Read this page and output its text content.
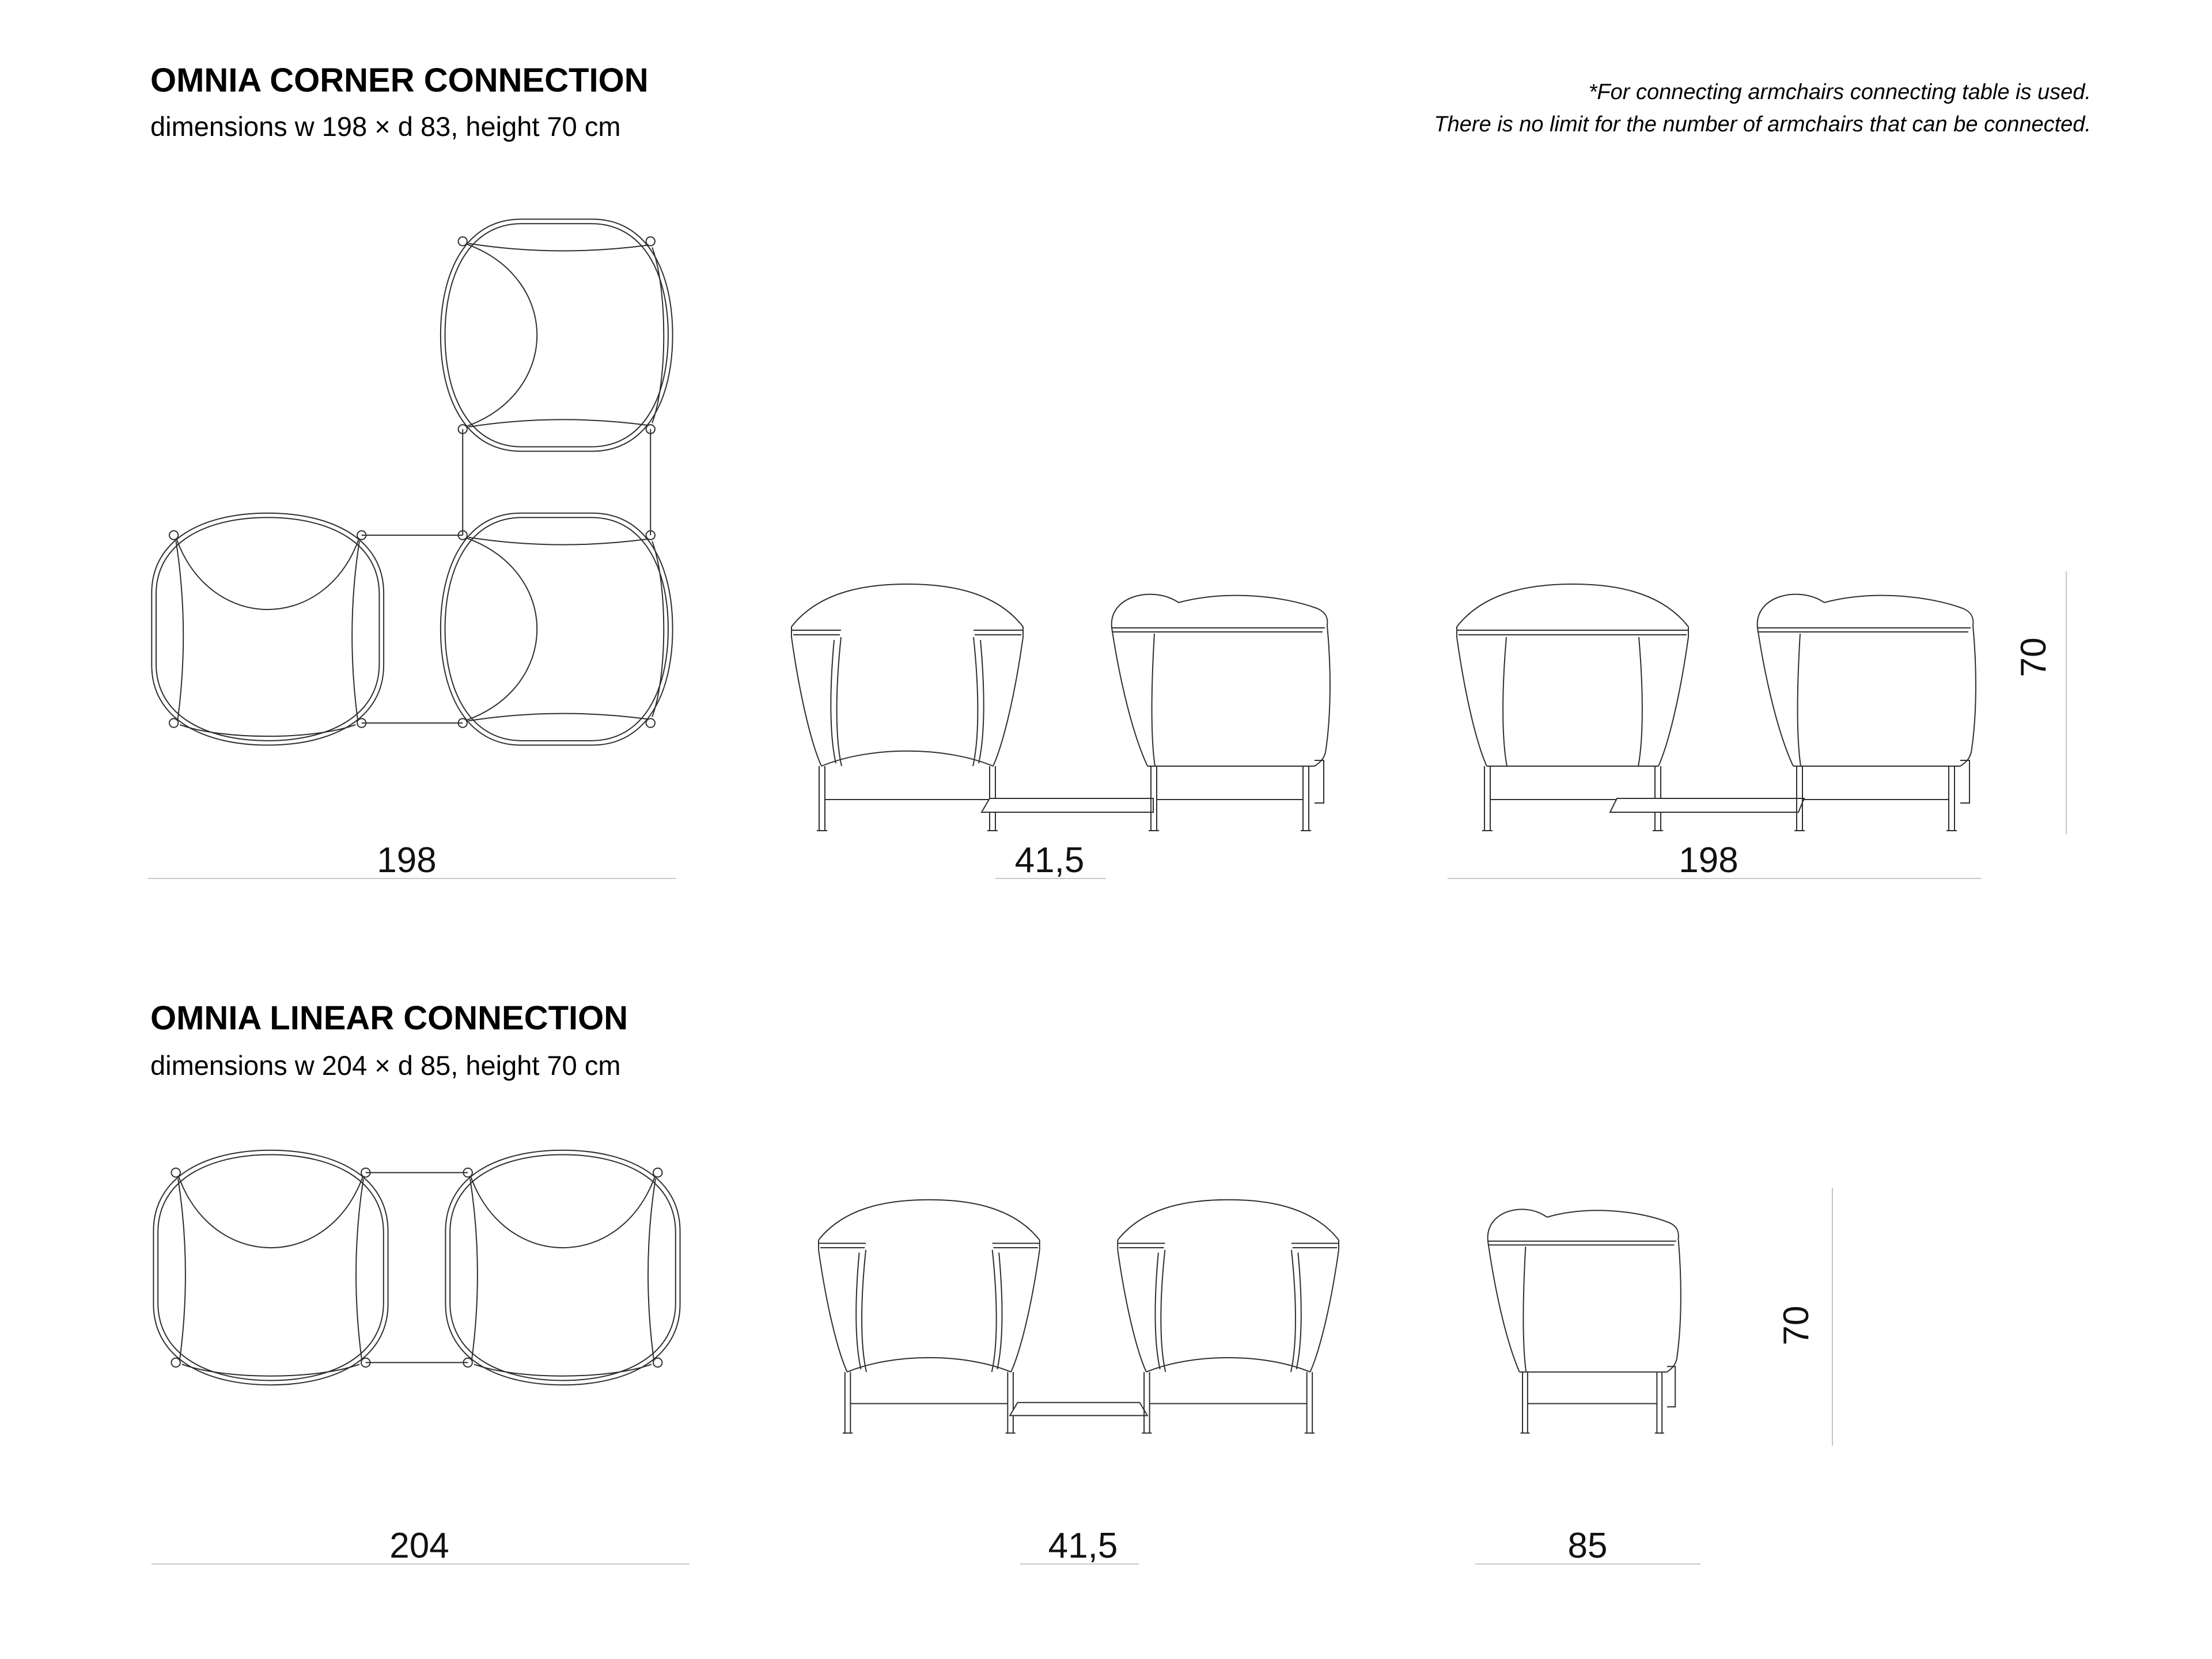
OMNIA CORNER CONNECTION
dimensions w 198 × d 83, height 70 cm
*For connecting armchairs connecting table is used.
There is no limit for the number of armchairs that can be connected.
198	41,5	198
70
OMNIA LINEAR CONNECTION
dimensions w 204 × d 85, height 70 cm
204	41,5	85
70
